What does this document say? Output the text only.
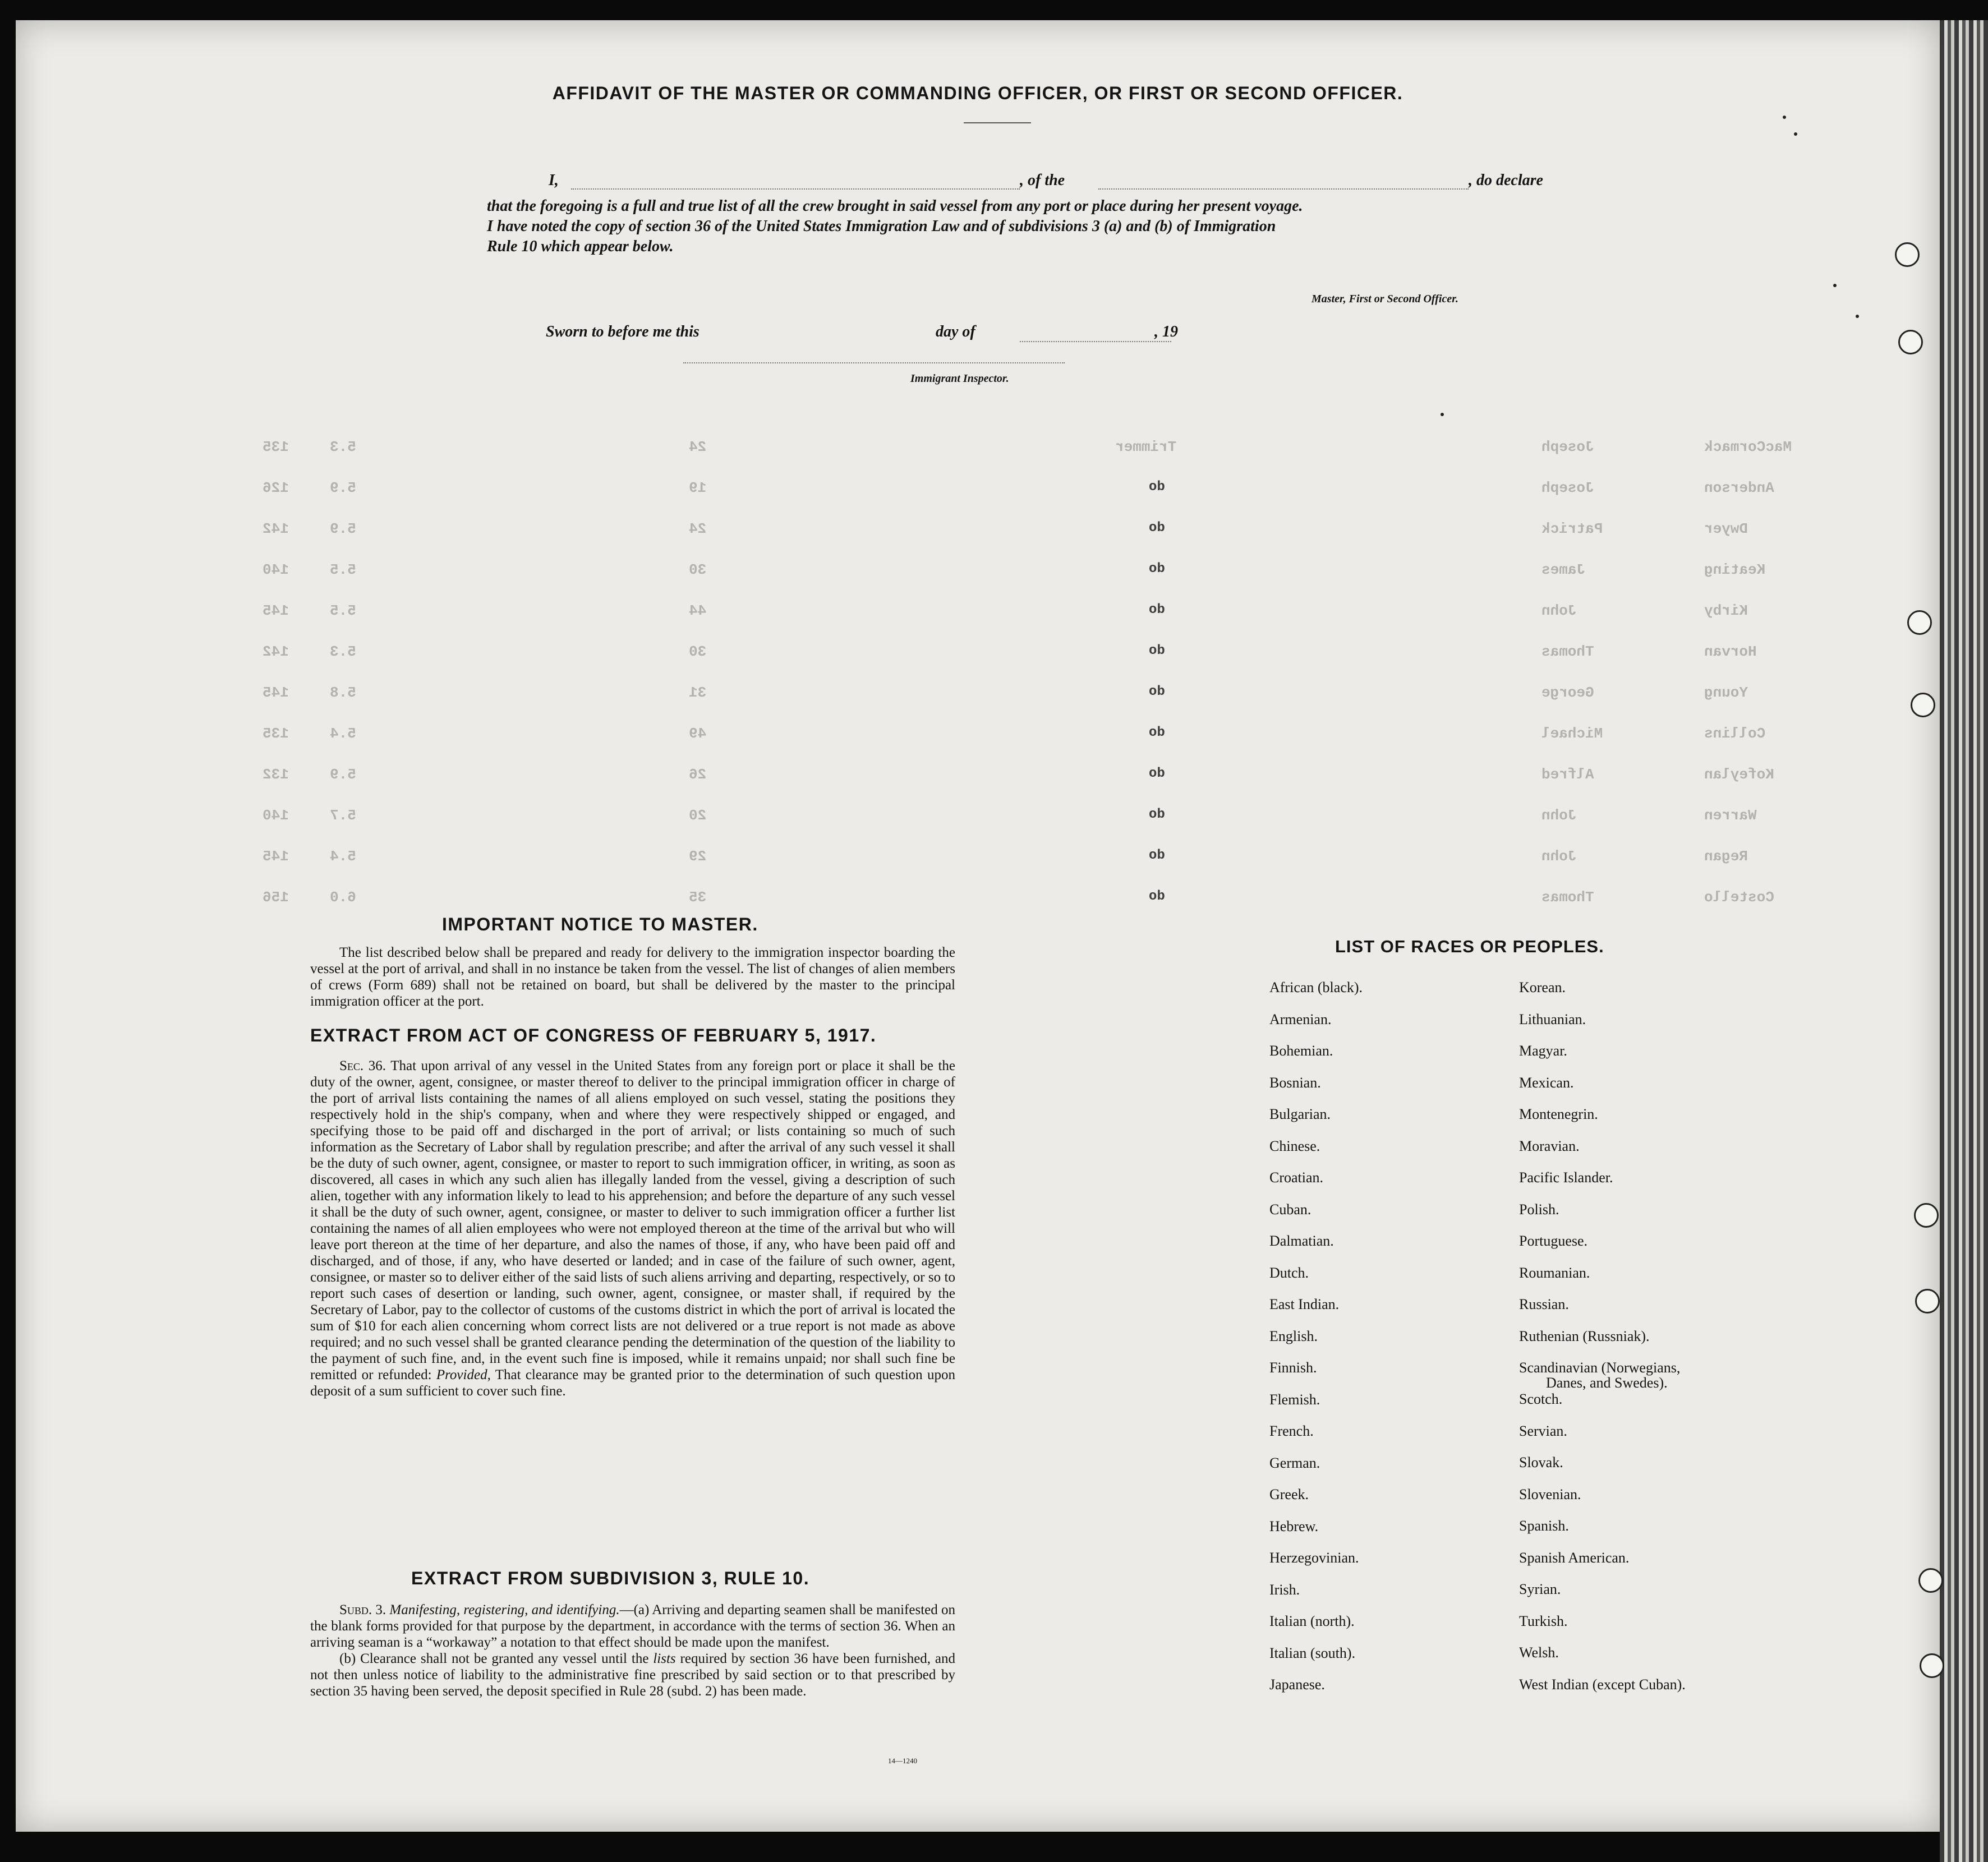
AFFIDAVIT OF THE MASTER OR COMMANDING OFFICER, OR FIRST OR SECOND OFFICER.
I,	, of the	, do declare
that the foregoing is a full and true list of all the crew brought in said vessel from any port or place during her present voyage.
I have noted the copy of section 36 of the United States Immigration Law and of subdivisions 3 (a) and (b) of Immigration
Rule 10 which appear below.
Master, First or Second Officer.
Sworn to before me this	day of	, 19
Immigrant Inspector.
135	5.3	24	Trimmer	Joseph	MacCormack
126	5.9	19	do	Joseph	Anderson
142	5.9	24	do	Patrick	Dwyer
140	5.5	30	do	James	Keating
145	5.5	44	do	John	Kirby
142	5.3	30	do	Thomas	Horvan
145	5.8	31	do	George	Young
135	5.4	49	do	Michael	Collins
132	5.9	26	do	Alfred	Kofeylan
140	5.7	20	do	John	Warren
145	5.4	29	do	John	Regan
156	6.0	35	do	Thomas	Costello
IMPORTANT NOTICE TO MASTER.

The list described below shall be prepared and ready for delivery to the immigration inspector boarding the vessel at the port of arrival, and shall in no instance be taken from the vessel. The list of changes of alien members of crews (Form 689) shall not be retained on board, but shall be delivered by the master to the principal immigration officer at the port.

EXTRACT FROM ACT OF CONGRESS OF FEBRUARY 5, 1917.

Sec. 36. That upon arrival of any vessel in the United States from any foreign port or place it shall be the duty of the owner, agent, consignee, or master thereof to deliver to the principal immigration officer in charge of the port of arrival lists containing the names of all aliens employed on such vessel, stating the positions they respectively hold in the ship's company, when and where they were respectively shipped or engaged, and specifying those to be paid off and discharged in the port of arrival; or lists containing so much of such information as the Secretary of Labor shall by regulation prescribe; and after the arrival of any such vessel it shall be the duty of such owner, agent, consignee, or master to report to such immigration officer, in writing, as soon as discovered, all cases in which any such alien has illegally landed from the vessel, giving a description of such alien, together with any information likely to lead to his apprehension; and before the departure of any such vessel it shall be the duty of such owner, agent, consignee, or master to deliver to such immigration officer a further list containing the names of all alien employees who were not employed thereon at the time of the arrival but who will leave port thereon at the time of her departure, and also the names of those, if any, who have been paid off and discharged, and of those, if any, who have deserted or landed; and in case of the failure of such owner, agent, consignee, or master so to deliver either of the said lists of such aliens arriving and departing, respectively, or so to report such cases of desertion or landing, such owner, agent, consignee, or master shall, if required by the Secretary of Labor, pay to the collector of customs of the customs district in which the port of arrival is located the sum of $10 for each alien concerning whom correct lists are not delivered or a true report is not made as above required; and no such vessel shall be granted clearance pending the determination of the question of the liability to the payment of such fine, and, in the event such fine is imposed, while it remains unpaid; nor shall such fine be remitted or refunded: Provided, That clearance may be granted prior to the determination of such question upon deposit of a sum sufficient to cover such fine.

EXTRACT FROM SUBDIVISION 3, RULE 10.

Subd. 3. Manifesting, registering, and identifying.—(a) Arriving and departing seamen shall be manifested on the blank forms provided for that purpose by the department, in accordance with the terms of section 36. When an arriving seaman is a “workaway” a notation to that effect should be made upon the manifest.

(b) Clearance shall not be granted any vessel until the lists required by section 36 have been furnished, and not then unless notice of liability to the administrative fine prescribed by said section or to that prescribed by section 35 having been served, the deposit specified in Rule 28 (subd. 2) has been made.

14—1240
LIST OF RACES OR PEOPLES.
African (black).
Armenian.
Bohemian.
Bosnian.
Bulgarian.
Chinese.
Croatian.
Cuban.
Dalmatian.
Dutch.
East Indian.
English.
Finnish.
Flemish.
French.
German.
Greek.
Hebrew.
Herzegovinian.
Irish.
Italian (north).
Italian (south).
Japanese.
Korean.
Lithuanian.
Magyar.
Mexican.
Montenegrin.
Moravian.
Pacific Islander.
Polish.
Portuguese.
Roumanian.
Russian.
Ruthenian (Russniak).
Scandinavian (Norwegians,
Danes, and Swedes).
Scotch.
Servian.
Slovak.
Slovenian.
Spanish.
Spanish American.
Syrian.
Turkish.
Welsh.
West Indian (except Cuban).
